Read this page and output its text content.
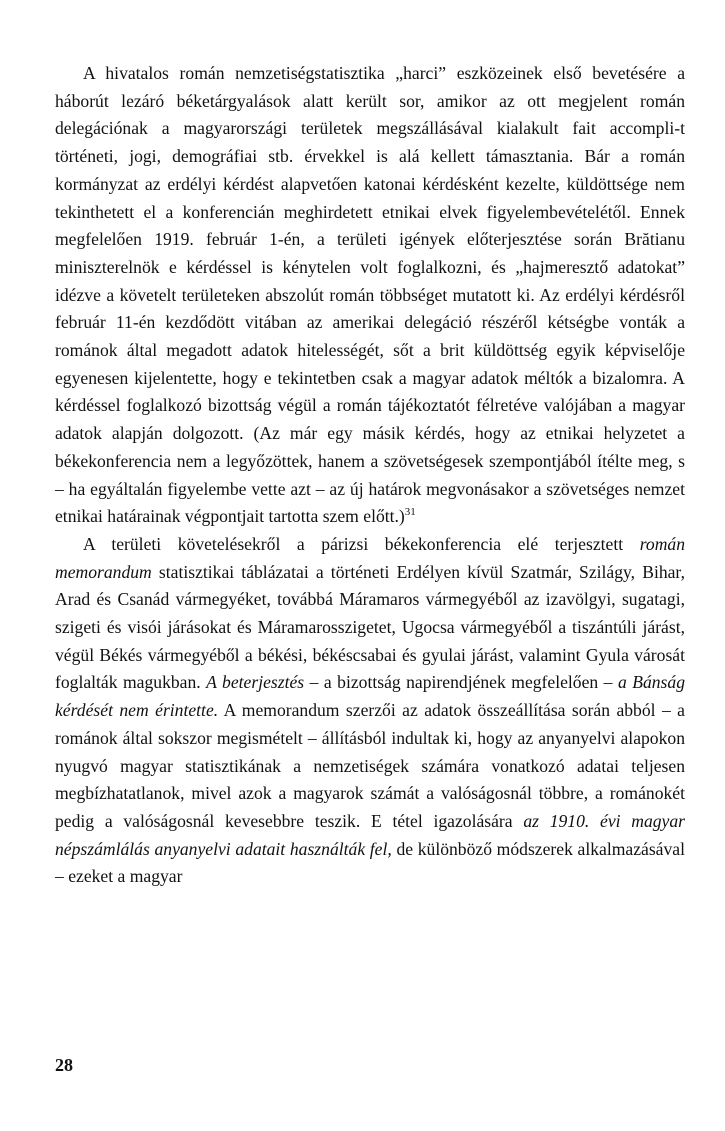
A hivatalos román nemzetiségstatisztika „harci” eszközeinek első bevetésére a háborút lezáró béketárgyalások alatt került sor, amikor az ott megjelent román delegációnak a magyarországi területek megszállásával kialakult fait accompli-t történeti, jogi, demográfiai stb. érvekkel is alá kellett támasztania. Bár a román kormányzat az erdélyi kérdést alapvetően katonai kérdésként kezelte, küldöttsége nem tekinthetett el a konferencián meghirdetett etnikai elvek figyelembevételétől. Ennek megfelelően 1919. február 1-én, a területi igények előterjesztése során Brătianu miniszterelnök e kérdéssel is kénytelen volt foglalkozni, és „hajmeresztő adatokat” idézve a követelt területeken abszolút román többséget mutatott ki. Az erdélyi kérdésről február 11-én kezdődött vitában az amerikai delegáció részéről kétségbe vonták a románok által megadott adatok hitelességét, sőt a brit küldöttség egyik képviselője egyenesen kijelentette, hogy e tekintetben csak a magyar adatok méltók a bizalomra. A kérdéssel foglalkozó bizottság végül a román tájékoztatót félretéve valójában a magyar adatok alapján dolgozott. (Az már egy másik kérdés, hogy az etnikai helyzetet a békekonferencia nem a legyőzöttek, hanem a szövetségesek szempontjából ítélte meg, s – ha egyáltalán figyelembe vette azt – az új határok megvonásakor a szövetséges nemzet etnikai határainak végpontjait tartotta szem előtt.)$^{31}$

A területi követelésekről a párizsi békekonferencia elé terjesztett román memorandum statisztikai táblázatai a történeti Erdélyen kívül Szatmár, Szilágy, Bihar, Arad és Csanád vármegyéket, továbbá Máramaros vármegyéből az izavölgyi, sugatagi, szigeti és visói járásokat és Máramarosszigetet, Ugocsa vármegyéből a tiszántúli járást, végül Békés vármegyéből a békési, békéscsabai és gyulai járást, valamint Gyula városát foglalták magukban. A beterjesztés – a bizottság napirendjének megfelelően – a Bánság kérdését nem érintette. A memorandum szerzői az adatok összeállítása során abból – a románok által sokszor megismételt – állításból indultak ki, hogy az anyanyelvi alapokon nyugvó magyar statisztikának a nemzetiségek számára vonatkozó adatai teljesen megbízhatatlanok, mivel azok a magyarok számát a valóságosnál többre, a románokét pedig a valóságosnál kevesebbre teszik. E tétel igazolására az 1910. évi magyar népszámlálás anyanyelvi adatait használták fel, de különböző módszerek alkalmazásával – ezeket a magyar

28
